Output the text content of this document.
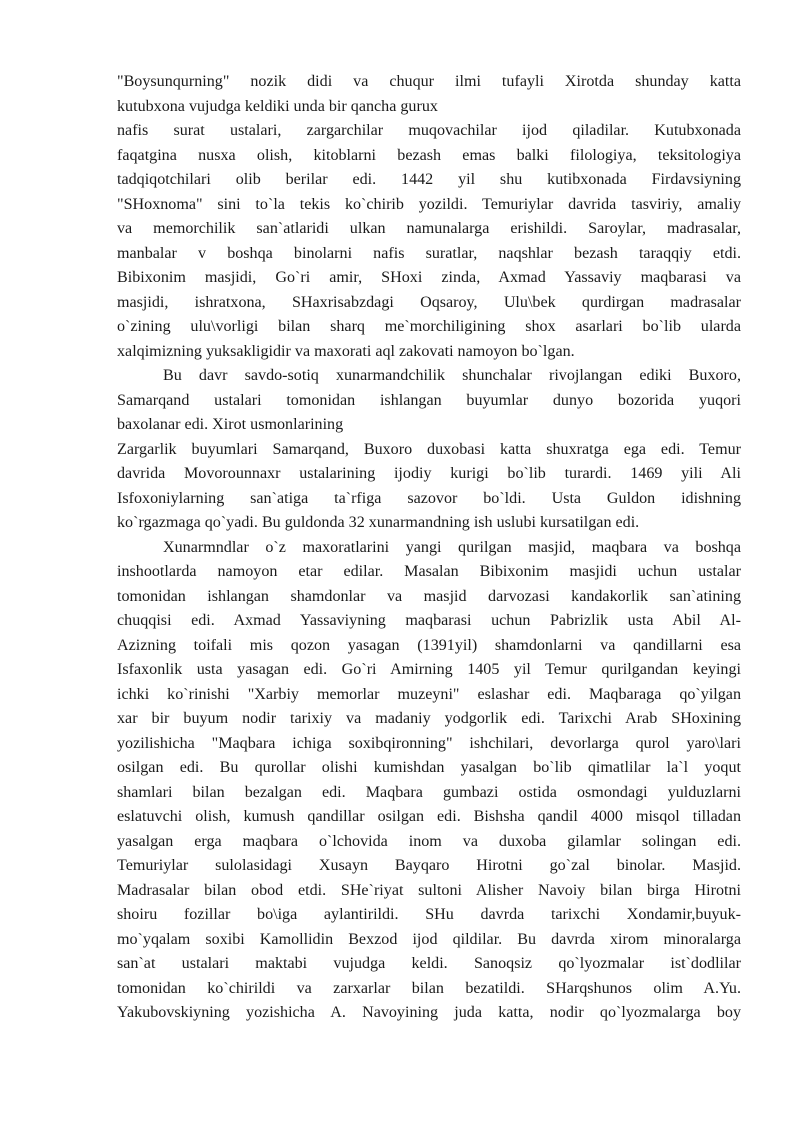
"Boysunqurning" nozik didi va chuqur ilmi tufayli Xirotda shunday katta
kutubxona vujudga keldiki unda bir qancha gurux
nafis surat ustalari, zargarchilar muqovachilar ijod qiladilar. Kutubxonada
faqatgina nusxa olish, kitoblarni bezash emas balki filologiya, teksitologiya
tadqiqotchilari olib berilar edi. 1442 yil shu kutibxonada Firdavsiyning
"SHoxnoma" sini to`la tekis ko`chirib yozildi. Temuriylar davrida tasviriy, amaliy
va memorchilik san`atlaridi ulkan namunalarga erishildi. Saroylar, madrasalar,
manbalar v boshqa binolarni nafis suratlar, naqshlar bezash taraqqiy etdi.
Bibixonim masjidi, Go`ri amir, SHoxi zinda, Axmad Yassaviy maqbarasi va
masjidi, ishratxona, SHaxrisabzdagi Oqsaroy, Ulu\bek qurdirgan madrasalar
o`zining ulu\vorligi bilan sharq me`morchiligining shox asarlari bo`lib ularda
xalqimizning yuksakligidir va maxorati aql zakovati namoyon bo`lgan.
Bu davr savdo-sotiq xunarmandchilik shunchalar rivojlangan ediki Buxoro,
Samarqand ustalari tomonidan ishlangan buyumlar dunyo bozorida yuqori
baxolanar edi. Xirot usmonlarining
Zargarlik buyumlari Samarqand, Buxoro duxobasi katta shuxratga ega edi. Temur
davrida Movorounnaxr ustalarining ijodiy kurigi bo`lib turardi. 1469 yili Ali
Isfoxoniylarning san`atiga ta`rfiga sazovor bo`ldi. Usta Guldon idishning
ko`rgazmaga qo`yadi. Bu guldonda 32 xunarmandning ish uslubi kursatilgan edi.
Xunarmndlar o`z maxoratlarini yangi qurilgan masjid, maqbara va boshqa
inshootlarda namoyon etar edilar. Masalan Bibixonim masjidi uchun ustalar
tomonidan ishlangan shamdonlar va masjid darvozasi kandakorlik san`atining
chuqqisi edi. Axmad Yassaviyning maqbarasi uchun Pabrizlik usta Abil Al-
Azizning toifali mis qozon yasagan (1391yil) shamdonlarni va qandillarni esa
Isfaxonlik usta yasagan edi. Go`ri Amirning 1405 yil Temur qurilgandan keyingi
ichki ko`rinishi "Xarbiy memorlar muzeyni" eslashar edi. Maqbaraga qo`yilgan
xar bir buyum nodir tarixiy va madaniy yodgorlik edi. Tarixchi Arab SHoxining
yozilishicha "Maqbara ichiga soxibqironning" ishchilari, devorlarga qurol yaro\lari
osilgan edi. Bu qurollar olishi kumishdan yasalgan bo`lib qimatlilar la`l yoqut
shamlari bilan bezalgan edi. Maqbara gumbazi ostida osmondagi yulduzlarni
eslatuvchi olish, kumush qandillar osilgan edi. Bishsha qandil 4000 misqol tilladan
yasalgan erga maqbara o`lchovida inom va duxoba gilamlar solingan edi.
Temuriylar sulolasidagi Xusayn Bayqaro Hirotni go`zal binolar. Masjid.
Madrasalar bilan obod etdi. SHe`riyat sultoni Alisher Navoiy bilan birga Hirotni
shoiru fozillar bo\iga aylantirildi. SHu davrda tarixchi Xondamir,buyuk-
mo`yqalam soxibi Kamollidin Bexzod ijod qildilar. Bu davrda xirom minoralarga
san`at ustalari maktabi vujudga keldi. Sanoqsiz qo`lyozmalar ist`dodlilar
tomonidan ko`chirildi va zarxarlar bilan bezatildi. SHarqshunos olim A.Yu.
Yakubovskiyning yozishicha A. Navoyining juda katta, nodir qo`lyozmalarga boy
